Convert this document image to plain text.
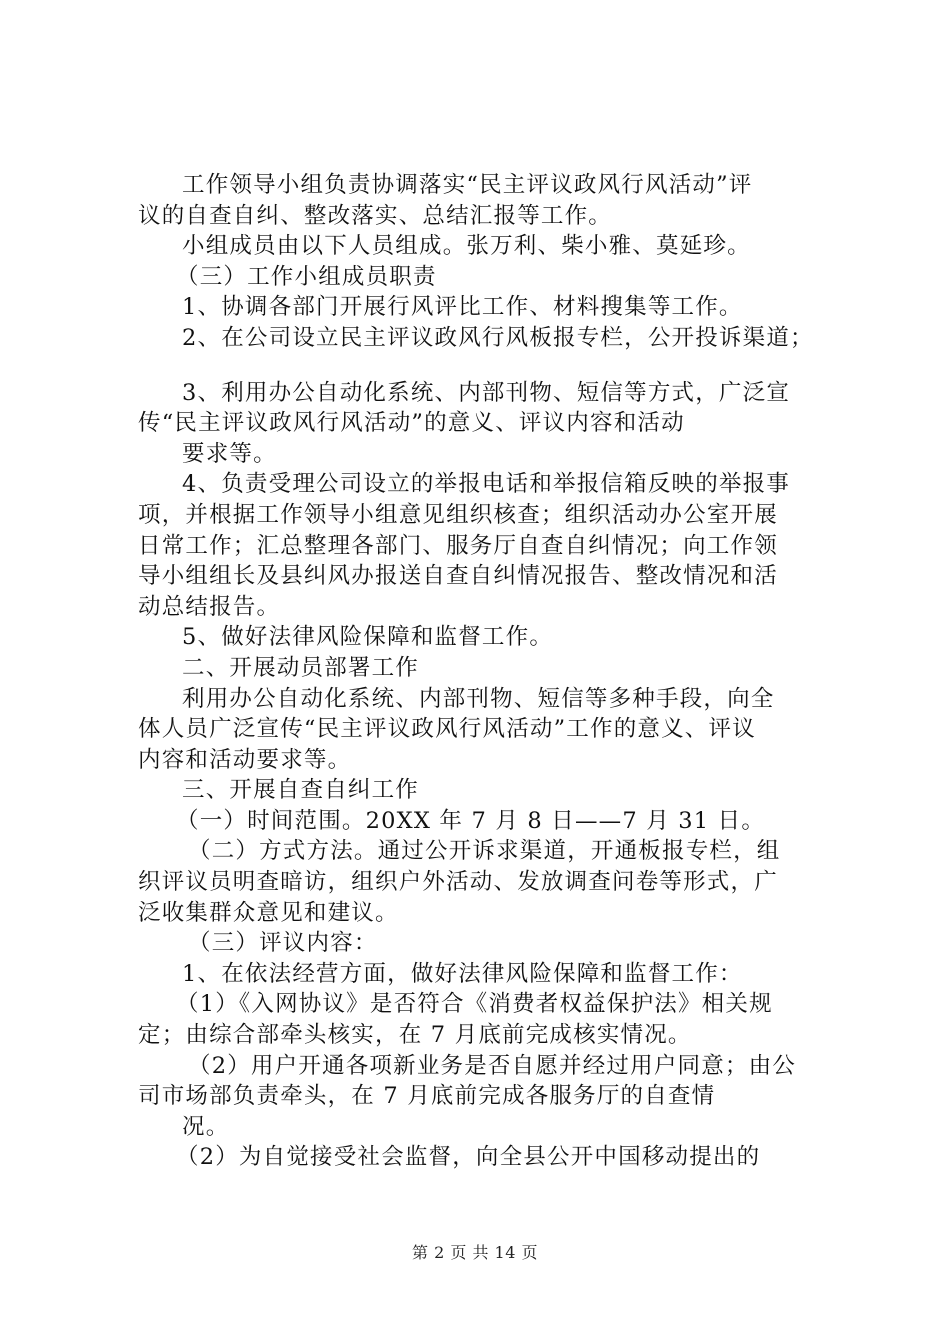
工作领导小组负责协调落实“民主评议政风行风活动”评
议的自查自纠、整改落实、总结汇报等工作。
小组成员由以下人员组成。张万利、柴小雅、莫延珍。
（三）工作小组成员职责
1、协调各部门开展行风评比工作、材料搜集等工作。
2、在公司设立民主评议政风行风板报专栏，公开投诉渠道；
3、利用办公自动化系统、内部刊物、短信等方式，广泛宣
传“民主评议政风行风活动”的意义、评议内容和活动
要求等。
4、负责受理公司设立的举报电话和举报信箱反映的举报事
项，并根据工作领导小组意见组织核查；组织活动办公室开展
日常工作；汇总整理各部门、服务厅自查自纠情况；向工作领
导小组组长及县纠风办报送自查自纠情况报告、整改情况和活
动总结报告。
5、做好法律风险保障和监督工作。
二、开展动员部署工作
利用办公自动化系统、内部刊物、短信等多种手段，向全
体人员广泛宣传“民主评议政风行风活动”工作的意义、评议
内容和活动要求等。
三、开展自查自纠工作
（一）时间范围。20XX 年 7 月 8 日——7 月 31 日。
（二）方式方法。通过公开诉求渠道，开通板报专栏，组
织评议员明查暗访，组织户外活动、发放调查问卷等形式，广
泛收集群众意见和建议。
（三）评议内容：
1、在依法经营方面，做好法律风险保障和监督工作：
（1）《入网协议》是否符合《消费者权益保护法》相关规
定；由综合部牵头核实，在 7 月底前完成核实情况。
（2）用户开通各项新业务是否自愿并经过用户同意；由公
司市场部负责牵头，在 7 月底前完成各服务厅的自查情
况。
（2）为自觉接受社会监督，向全县公开中国移动提出的
第 2 页 共 14 页
